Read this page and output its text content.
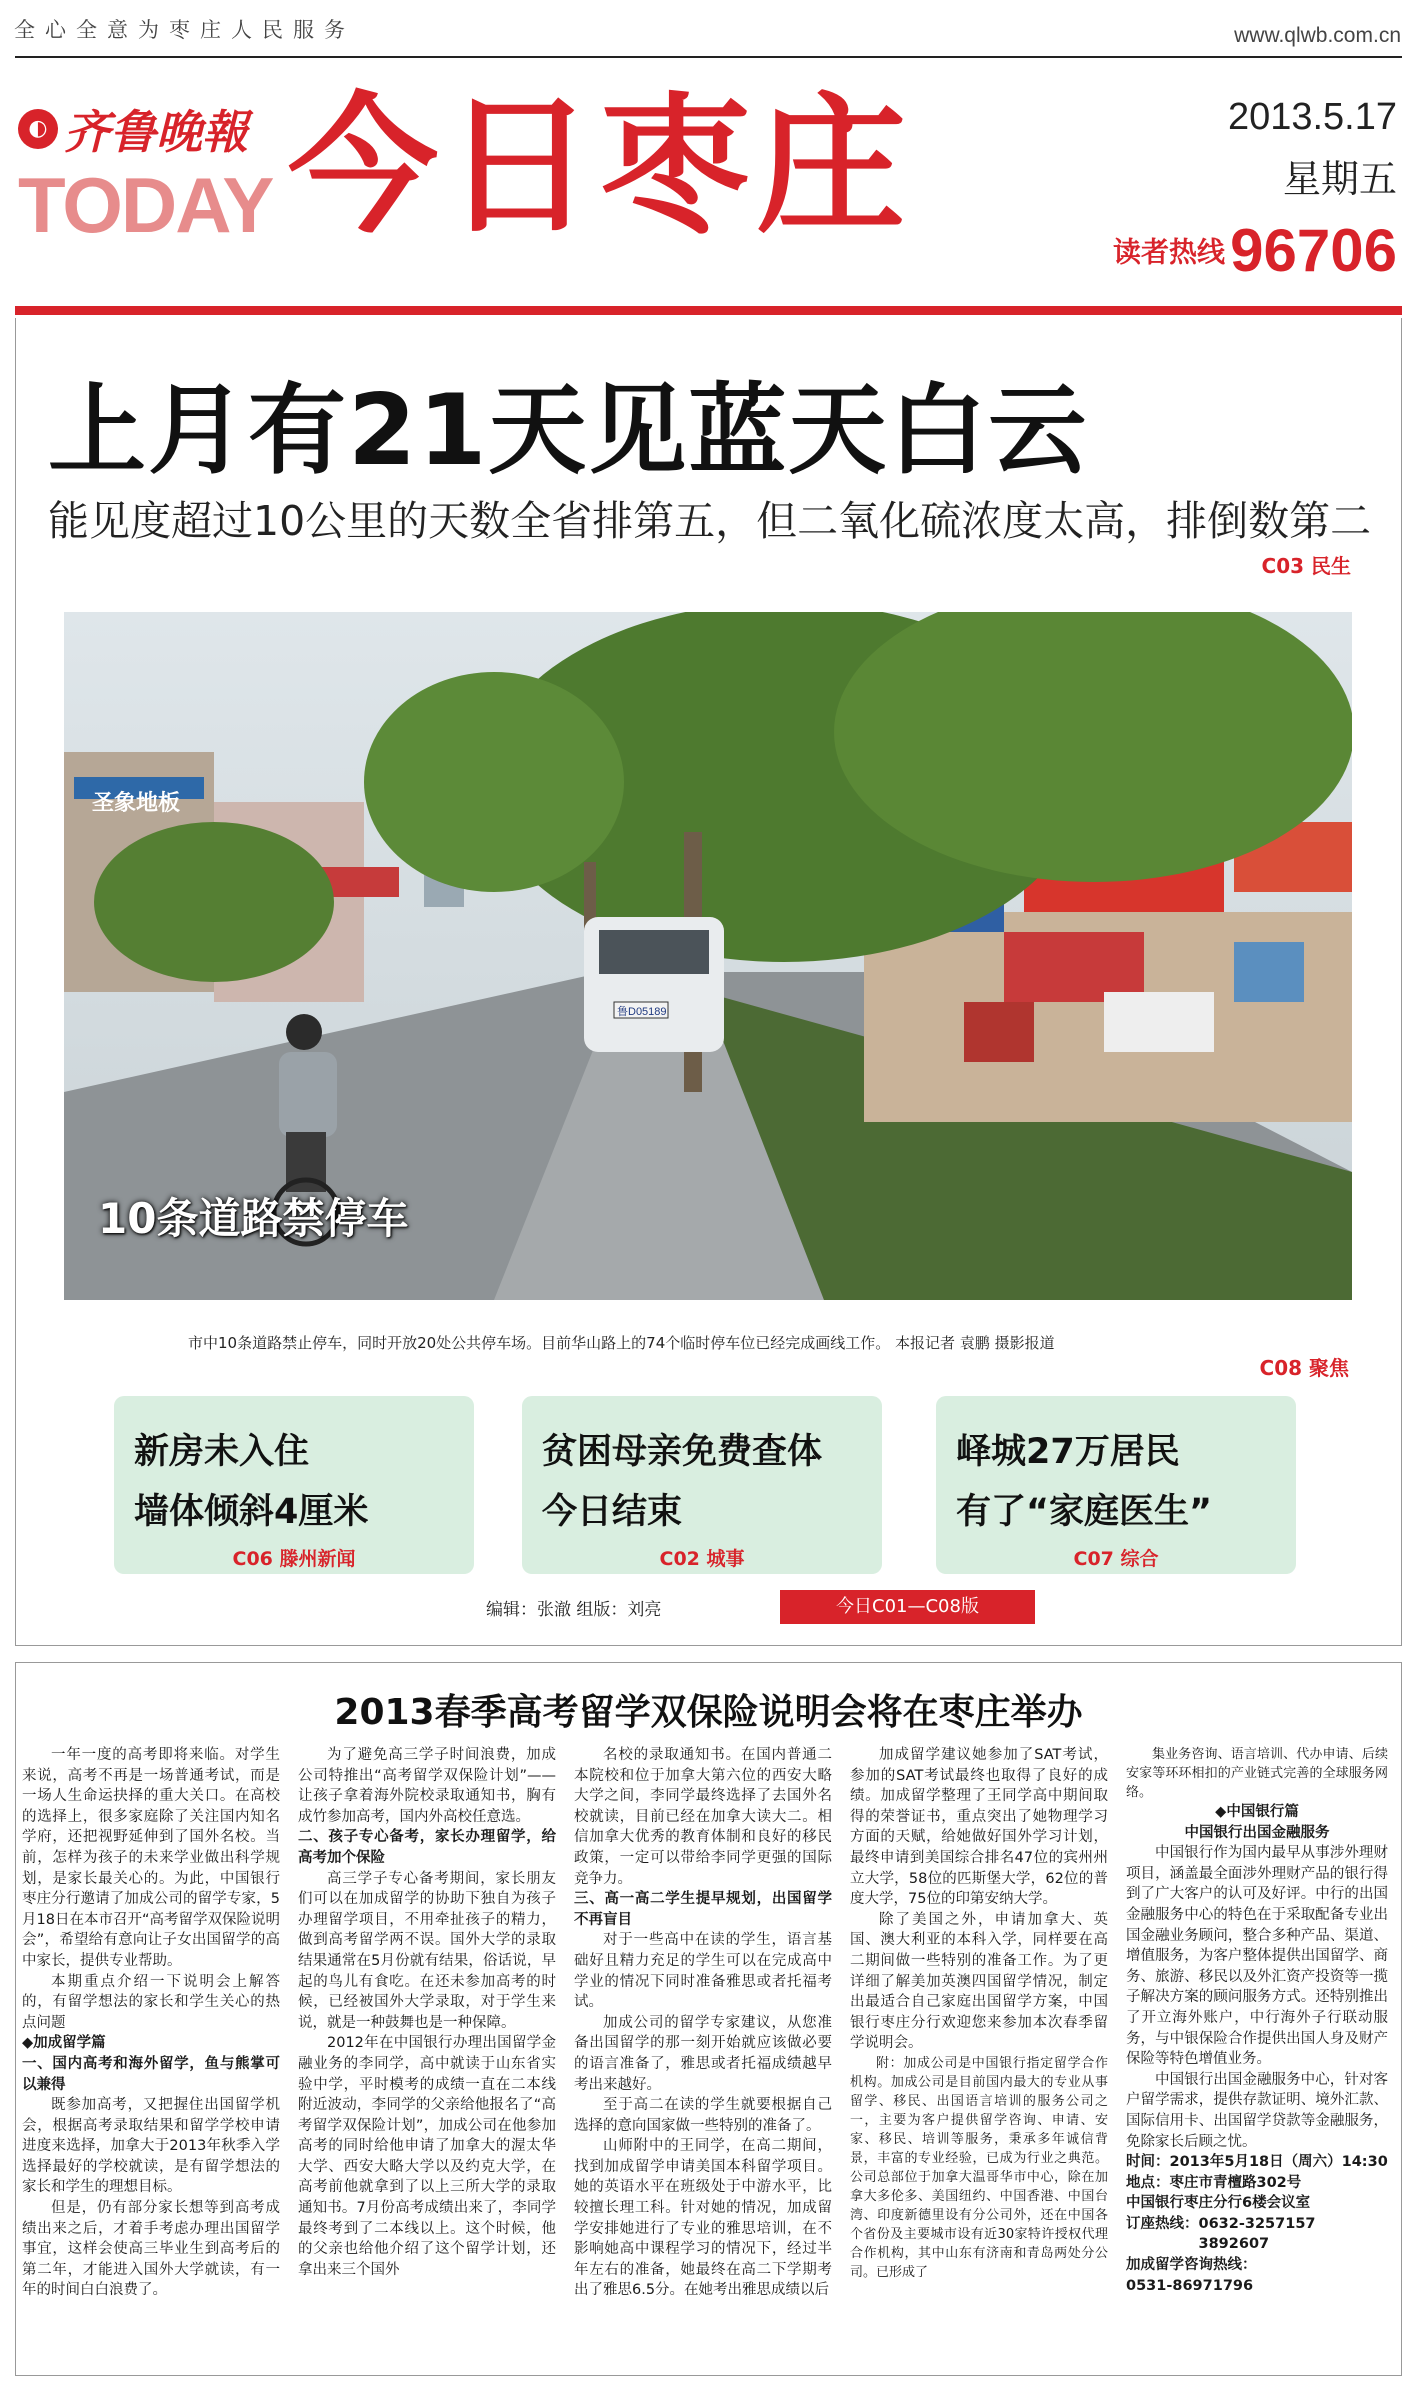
全心全意为枣庄人民服务	www.qlwb.com.cn
◐ 齐鲁晚報
TODAY 今日枣庄	2013.5.17
星期五
读者热线 96706
上月有21天见蓝天白云
能见度超过10公里的天数全省排第五，但二氧化硫浓度太高，排倒数第二
C03 民生
鲁D05189
圣象地板
10条道路禁停车
市中10条道路禁止停车，同时开放20处公共停车场。目前华山路上的74个临时停车位已经完成画线工作。 本报记者 袁鹏 摄影报道
C08 聚焦
新房未入住
墙体倾斜4厘米
C06 滕州新闻
贫困母亲免费查体
今日结束
C02 城事
峄城27万居民
有了“家庭医生”
C07 综合
编辑：张澈 组版：刘亮	今日C01—C08版
2013春季高考留学双保险说明会将在枣庄举办

一年一度的高考即将来临。对学生来说，高考不再是一场普通考试，而是一场人生命运抉择的重大关口。在高校的选择上，很多家庭除了关注国内知名学府，还把视野延伸到了国外名校。当前，怎样为孩子的未来学业做出科学规划，是家长最关心的。为此，中国银行枣庄分行邀请了加成公司的留学专家，5月18日在本市召开“高考留学双保险说明会”，希望给有意向让子女出国留学的高中家长，提供专业帮助。

本期重点介绍一下说明会上解答的，有留学想法的家长和学生关心的热点问题

◆加成留学篇

一、国内高考和海外留学，鱼与熊掌可以兼得

既参加高考，又把握住出国留学机会，根据高考录取结果和留学学校申请进度来选择，加拿大于2013年秋季入学选择最好的学校就读，是有留学想法的家长和学生的理想目标。

但是，仍有部分家长想等到高考成绩出来之后，才着手考虑办理出国留学事宜，这样会使高三毕业生到高考后的第二年，才能进入国外大学就读，有一年的时间白白浪费了。

为了避免高三学子时间浪费，加成公司特推出“高考留学双保险计划”——让孩子拿着海外院校录取通知书，胸有成竹参加高考，国内外高校任意选。

二、孩子专心备考，家长办理留学，给高考加个保险

高三学子专心备考期间，家长朋友们可以在加成留学的协助下独自为孩子办理留学项目，不用牵扯孩子的精力，做到高考留学两不误。国外大学的录取结果通常在5月份就有结果，俗话说，早起的鸟儿有食吃。在还未参加高考的时候，已经被国外大学录取，对于学生来说，就是一种鼓舞也是一种保障。

2012年在中国银行办理出国留学金融业务的李同学，高中就读于山东省实验中学，平时模考的成绩一直在二本线附近波动，李同学的父亲给他报名了“高考留学双保险计划”，加成公司在他参加高考的同时给他申请了加拿大的渥太华大学、西安大略大学以及约克大学，在高考前他就拿到了以上三所大学的录取通知书。7月份高考成绩出来了，李同学最终考到了二本线以上。这个时候，他的父亲也给他介绍了这个留学计划，还拿出来三个国外

名校的录取通知书。在国内普通二本院校和位于加拿大第六位的西安大略大学之间，李同学最终选择了去国外名校就读，目前已经在加拿大读大二。相信加拿大优秀的教育体制和良好的移民政策，一定可以带给李同学更强的国际竞争力。

三、高一高二学生提早规划，出国留学不再盲目

对于一些高中在读的学生，语言基础好且精力充足的学生可以在完成高中学业的情况下同时准备雅思或者托福考试。

加成公司的留学专家建议，从您准备出国留学的那一刻开始就应该做必要的语言准备了，雅思或者托福成绩越早考出来越好。

至于高二在读的学生就要根据自己选择的意向国家做一些特别的准备了。

山师附中的王同学，在高二期间，找到加成留学申请美国本科留学项目。她的英语水平在班级处于中游水平，比较擅长理工科。针对她的情况，加成留学安排她进行了专业的雅思培训，在不影响她高中课程学习的情况下，经过半年左右的准备，她最终在高二下学期考出了雅思6.5分。在她考出雅思成绩以后

加成留学建议她参加了SAT考试，参加的SAT考试最终也取得了良好的成绩。加成留学整理了王同学高中期间取得的荣誉证书，重点突出了她物理学习方面的天赋，给她做好国外学习计划，最终申请到美国综合排名47位的宾州州立大学，58位的匹斯堡大学，62位的普度大学，75位的印第安纳大学。

除了美国之外，申请加拿大、英国、澳大利亚的本科入学，同样要在高二期间做一些特别的准备工作。为了更详细了解美加英澳四国留学情况，制定出最适合自己家庭出国留学方案，中国银行枣庄分行欢迎您来参加本次春季留学说明会。

附：加成公司是中国银行指定留学合作机构。加成公司是目前国内最大的专业从事留学、移民、出国语言培训的服务公司之一，主要为客户提供留学咨询、申请、安家、移民、培训等服务，秉承多年诚信背景，丰富的专业经验，已成为行业之典范。公司总部位于加拿大温哥华市中心，除在加拿大多伦多、美国纽约、中国香港、中国台湾、印度新德里设有分公司外，还在中国各个省份及主要城市设有近30家特许授权代理合作机构，其中山东有济南和青岛两处分公司。已形成了

集业务咨询、语言培训、代办申请、后续安家等环环相扣的产业链式完善的全球服务网络。

◆中国银行篇

中国银行出国金融服务

中国银行作为国内最早从事涉外理财项目，涵盖最全面涉外理财产品的银行得到了广大客户的认可及好评。中行的出国金融服务中心的特色在于采取配备专业出国金融业务顾问，整合多种产品、渠道、增值服务，为客户整体提供出国留学、商务、旅游、移民以及外汇资产投资等一揽子解决方案的顾问服务方式。还特别推出了开立海外账户，中行海外子行联动服务，与中银保险合作提供出国人身及财产保险等特色增值业务。

中国银行出国金融服务中心，针对客户留学需求，提供存款证明、境外汇款、国际信用卡、出国留学贷款等金融服务，免除家长后顾之忧。

时间：2013年5月18日（周六）14:30

地点：枣庄市青檀路302号

中国银行枣庄分行6楼会议室

订座热线：0632-3257157

　　　　　3892607

加成留学咨询热线：

0531-86971796
